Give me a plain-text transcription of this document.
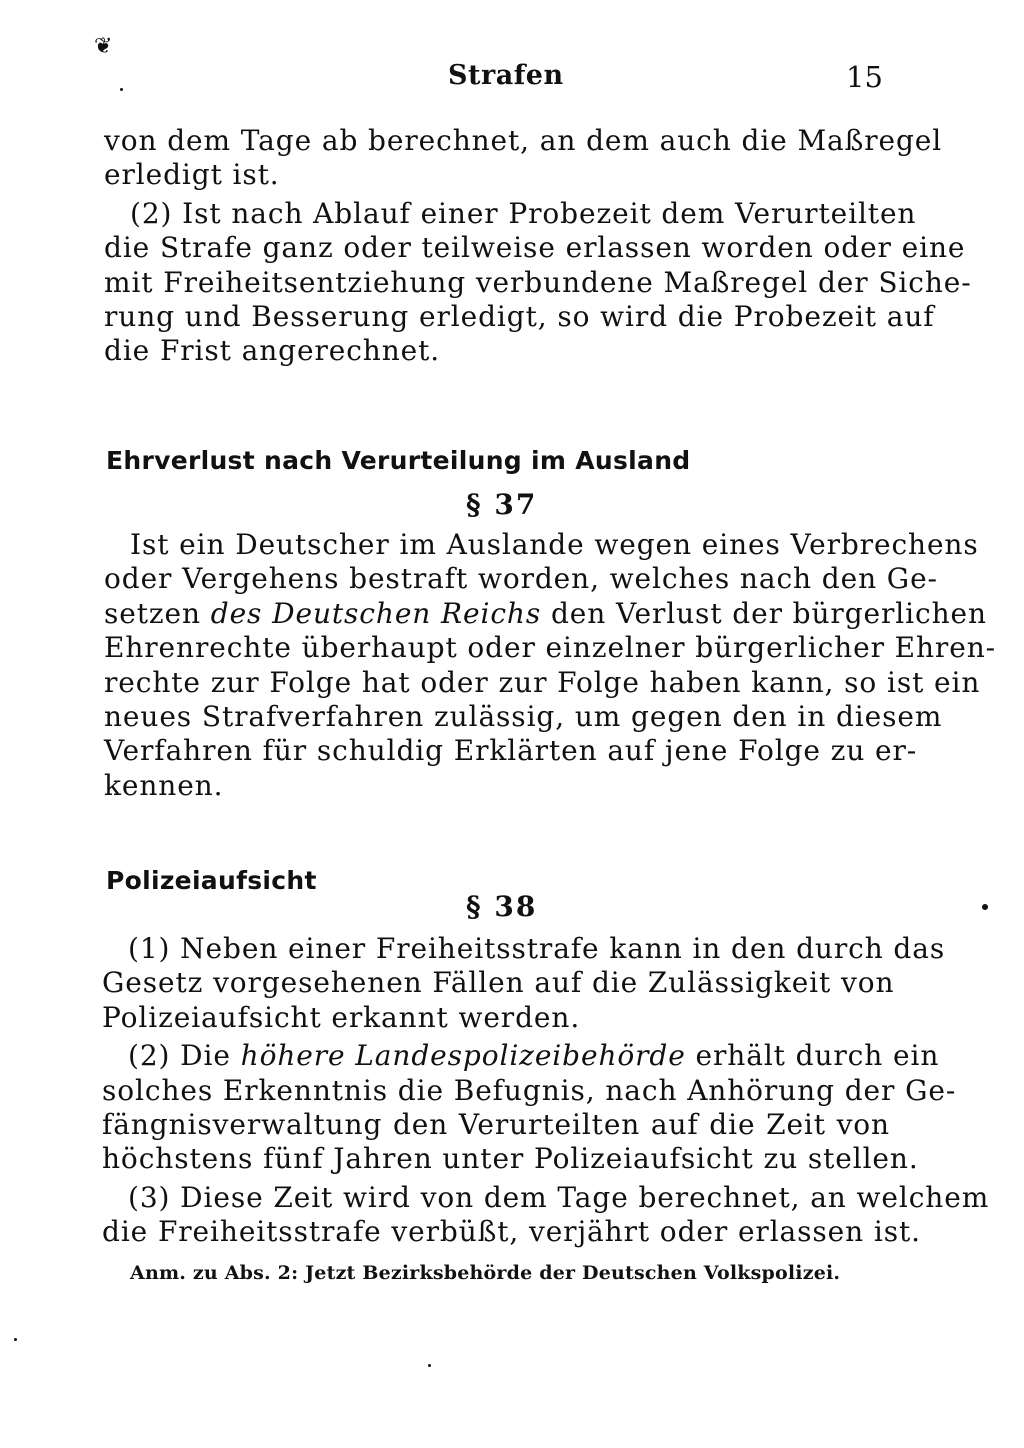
❦
Strafen	15
von dem Tage ab berechnet, an dem auch die Maßregel
erledigt ist.
(2) Ist nach Ablauf einer Probezeit dem Verurteilten
die Strafe ganz oder teilweise erlassen worden oder eine
mit Freiheitsentziehung verbundene Maßregel der Siche-
rung und Besserung erledigt, so wird die Probezeit auf
die Frist angerechnet.
Ehrverlust nach Verurteilung im Ausland
§ 37
Ist ein Deutscher im Auslande wegen eines Verbrechens
oder Vergehens bestraft worden, welches nach den Ge-
setzen des Deutschen Reichs den Verlust der bürgerlichen
Ehrenrechte überhaupt oder einzelner bürgerlicher Ehren-
rechte zur Folge hat oder zur Folge haben kann, so ist ein
neues Strafverfahren zulässig, um gegen den in diesem
Verfahren für schuldig Erklärten auf jene Folge zu er-
kennen.
Polizeiaufsicht
§ 38
(1) Neben einer Freiheitsstrafe kann in den durch das
Gesetz vorgesehenen Fällen auf die Zulässigkeit von
Polizeiaufsicht erkannt werden.
(2) Die höhere Landespolizeibehörde erhält durch ein
solches Erkenntnis die Befugnis, nach Anhörung der Ge-
fängnisverwaltung den Verurteilten auf die Zeit von
höchstens fünf Jahren unter Polizeiaufsicht zu stellen.
(3) Diese Zeit wird von dem Tage berechnet, an welchem
die Freiheitsstrafe verbüßt, verjährt oder erlassen ist.
Anm. zu Abs. 2: Jetzt Bezirksbehörde der Deutschen Volkspolizei.
